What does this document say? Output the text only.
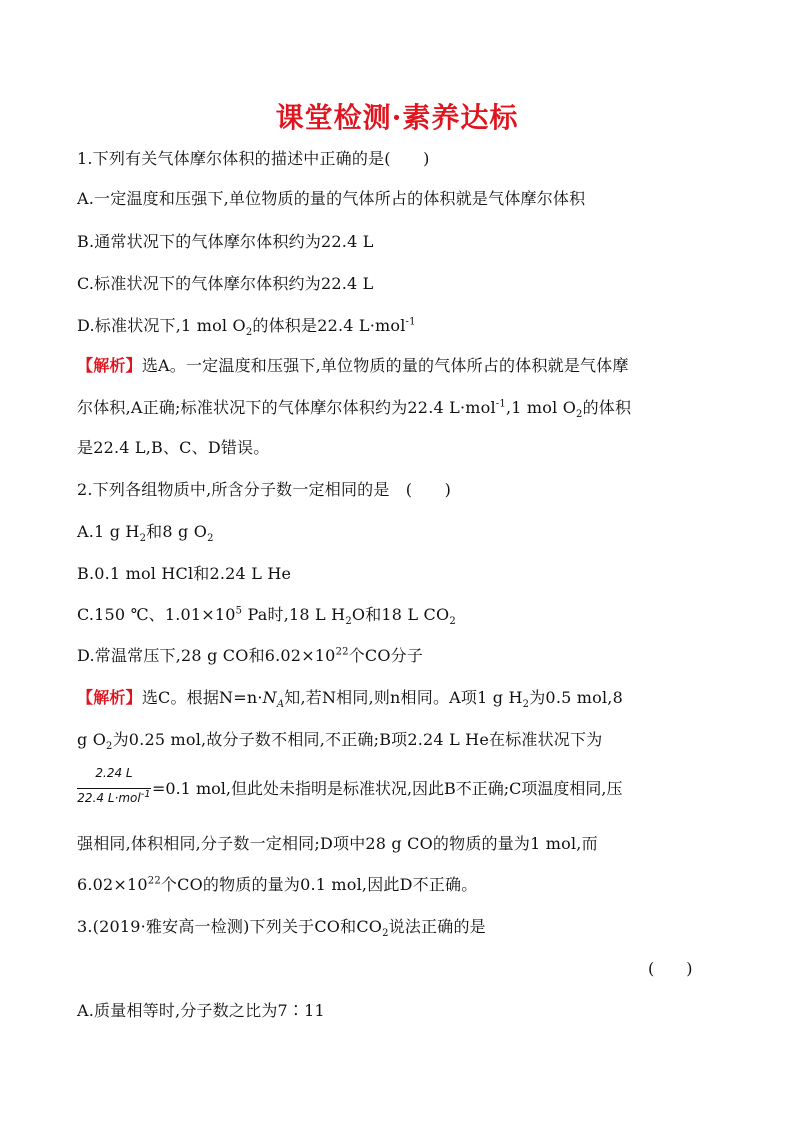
课堂检测·素养达标
1.下列有关气体摩尔体积的描述中正确的是(　　)
A.一定温度和压强下,单位物质的量的气体所占的体积就是气体摩尔体积
B.通常状况下的气体摩尔体积约为22.4 L
C.标准状况下的气体摩尔体积约为22.4 L
D.标准状况下,1 mol $O_2$的体积是22.4 L·mol$^{-1}$
【解析】选A。一定温度和压强下,单位物质的量的气体所占的体积就是气体摩
尔体积,A正确;标准状况下的气体摩尔体积约为22.4 L·mol$^{-1}$,1 mol $O_2$的体积
是22.4 L,B、C、D错误。
2.下列各组物质中,所含分子数一定相同的是　(　　)
A.1 g $H_2$和8 g $O_2$
B.0.1 mol HCl和2.24 L He
C.150 ℃、$1.01\times 10^5$ Pa时,18 L $H_2O$和18 L $CO_2$
D.常温常压下,28 g CO和$6.02\times 10^{22}$个CO分子
【解析】选C。根据$N=n\cdot N_A$知,若N相同,则n相同。A项1 g $H_2$为0.5 mol,8
g $O_2$为0.25 mol,故分子数不相同,不正确;B项2.24 L He在标准状况下为
2.24 L
22.4 L·mol$^{-1}$ =0.1 mol,但此处未指明是标准状况,因此B不正确;C项温度相同,压
强相同,体积相同,分子数一定相同;D项中28 g CO的物质的量为1 mol,而
$6.02\times 10^{22}$个CO的物质的量为0.1 mol,因此D不正确。
3.(2019·雅安高一检测)下列关于CO和$CO_2$说法正确的是
(　　)
A.质量相等时,分子数之比为7∶11
